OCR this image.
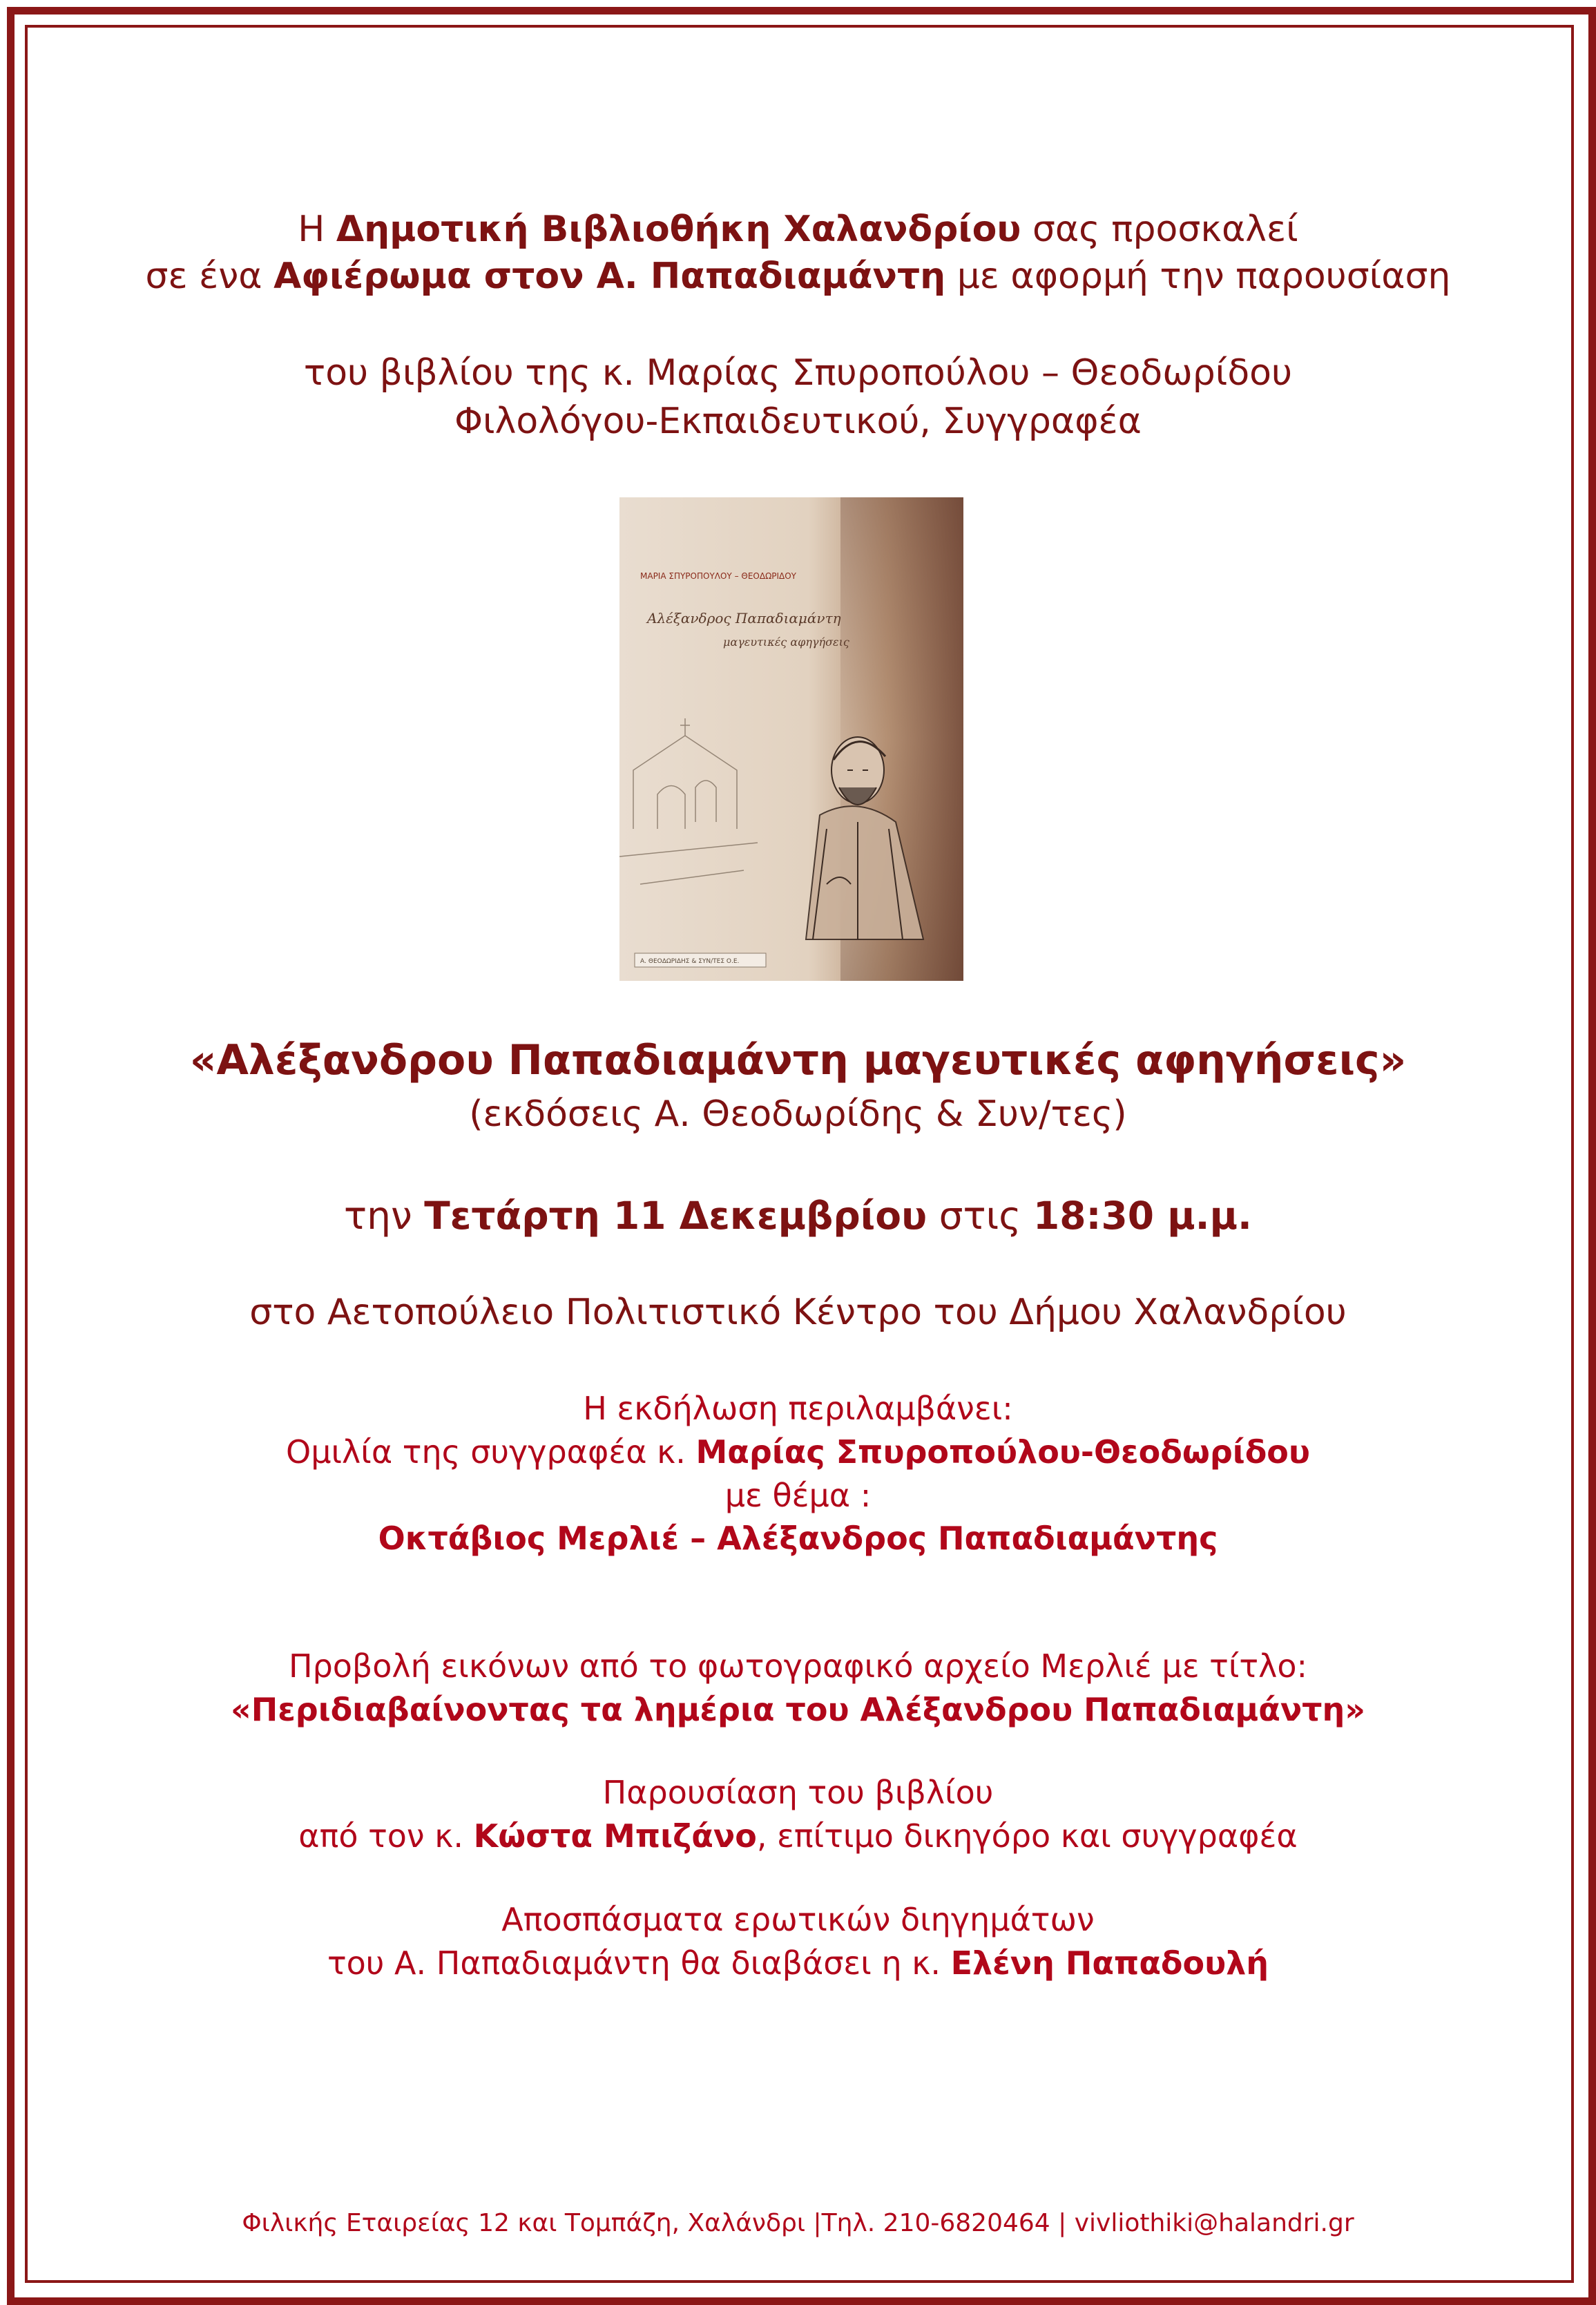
Η Δημοτική Βιβλιοθήκη Χαλανδρίου σας προσκαλεί
σε ένα Αφιέρωμα στον Α. Παπαδιαμάντη με αφορμή την παρουσίαση
του βιβλίου της κ. Μαρίας Σπυροπούλου – Θεοδωρίδου
Φιλολόγου-Εκπαιδευτικού, Συγγραφέα
ΜΑΡΙΑ ΣΠΥΡΟΠΟΥΛΟΥ – ΘΕΟΔΩΡΙΔΟΥ
Αλέξανδρος Παπαδιαμάντη
μαγευτικές αφηγήσεις
Α. ΘΕΟΔΩΡΙΔΗΣ & ΣΥΝ/ΤΕΣ Ο.Ε.
«Αλέξανδρου Παπαδιαμάντη μαγευτικές αφηγήσεις»
(εκδόσεις Α. Θεοδωρίδης & Συν/τες)
την Τετάρτη 11 Δεκεμβρίου στις 18:30 μ.μ.
στο Αετοπούλειο Πολιτιστικό Κέντρο του Δήμου Χαλανδρίου
Η εκδήλωση περιλαμβάνει:
Ομιλία της συγγραφέα κ. Μαρίας Σπυροπούλου-Θεοδωρίδου
με θέμα :
Οκτάβιος Μερλιέ – Αλέξανδρος Παπαδιαμάντης
Προβολή εικόνων από το φωτογραφικό αρχείο Μερλιέ με τίτλο:
«Περιδιαβαίνοντας τα λημέρια του Αλέξανδρου Παπαδιαμάντη»
Παρουσίαση του βιβλίου
από τον κ. Κώστα Μπιζάνο, επίτιμο δικηγόρο και συγγραφέα
Αποσπάσματα ερωτικών διηγημάτων
του Α. Παπαδιαμάντη θα διαβάσει η κ. Ελένη Παπαδουλή
Φιλικής Εταιρείας 12 και Τομπάζη, Χαλάνδρι |Τηλ. 210-6820464 | vivliothiki@halandri.gr
